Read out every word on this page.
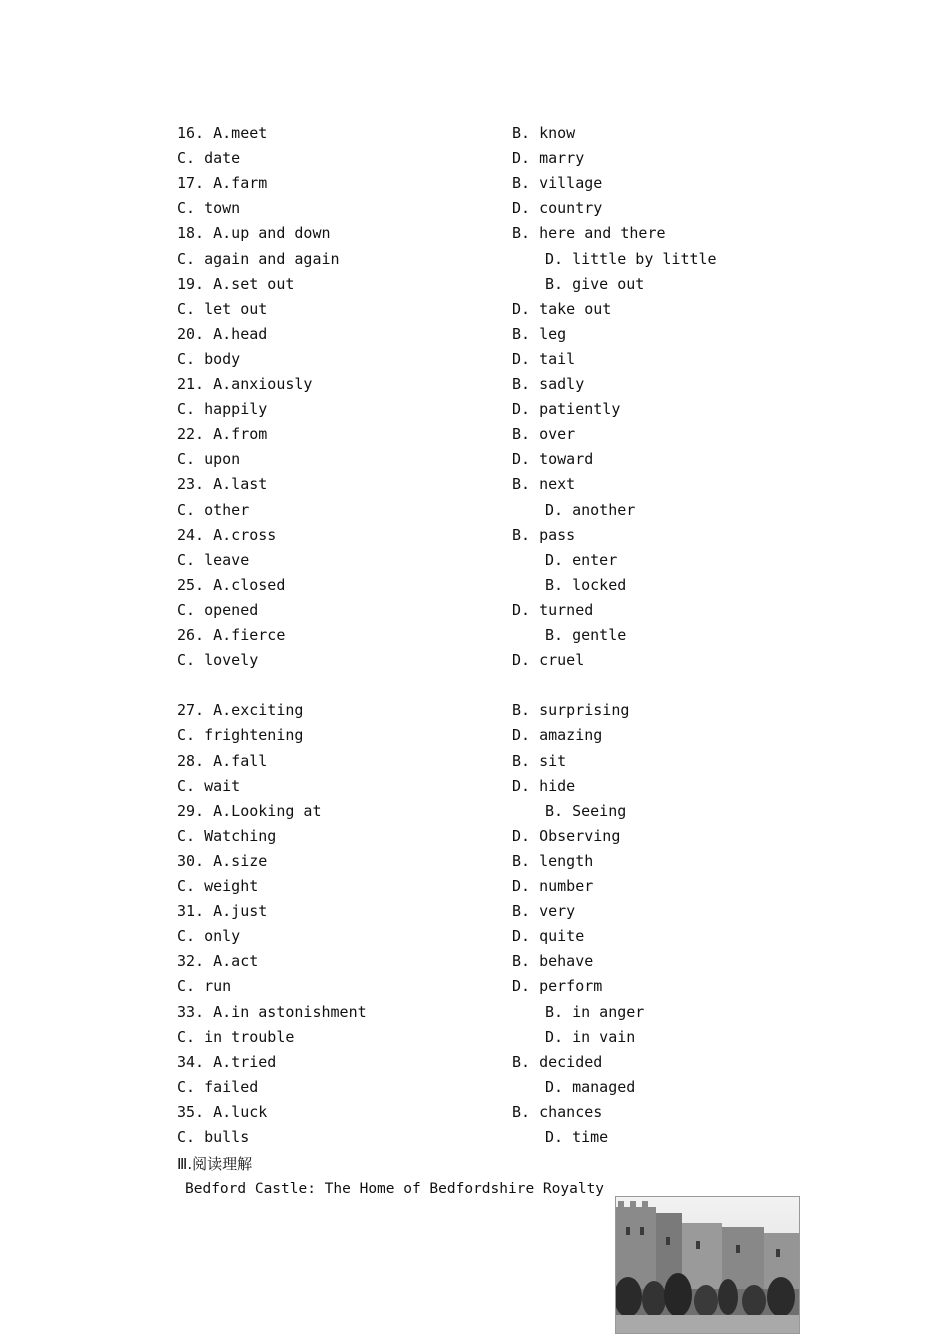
16. A.meet	B. know
C. date	D. marry
17. A.farm	B. village
C. town	D. country
18. A.up and down	B. here and there
C. again and again	D. little by little
19. A.set out	B. give out
C. let out	D. take out
20. A.head	B. leg
C. body	D. tail
21. A.anxiously	B. sadly
C. happily	D. patiently
22. A.from	B. over
C. upon	D. toward
23. A.last	B. next
C. other	D. another
24. A.cross	B. pass
C. leave	D. enter
25. A.closed	B. locked
C. opened	D. turned
26. A.fierce	B. gentle
C. lovely	D. cruel
27. A.exciting	B. surprising
C. frightening	D. amazing
28. A.fall	B. sit
C. wait	D. hide
29. A.Looking at	B. Seeing
C. Watching	D. Observing
30. A.size	B. length
C. weight	D. number
31. A.just	B. very
C. only	D. quite
32. A.act	B. behave
C. run	D. perform
33. A.in astonishment	B. in anger
C. in trouble	D. in vain
34. A.tried	B. decided
C. failed	D. managed
35. A.luck	B. chances
C. bulls	D. time
Ⅲ.阅读理解
Bedford Castle: The Home of Bedfordshire Royalty
